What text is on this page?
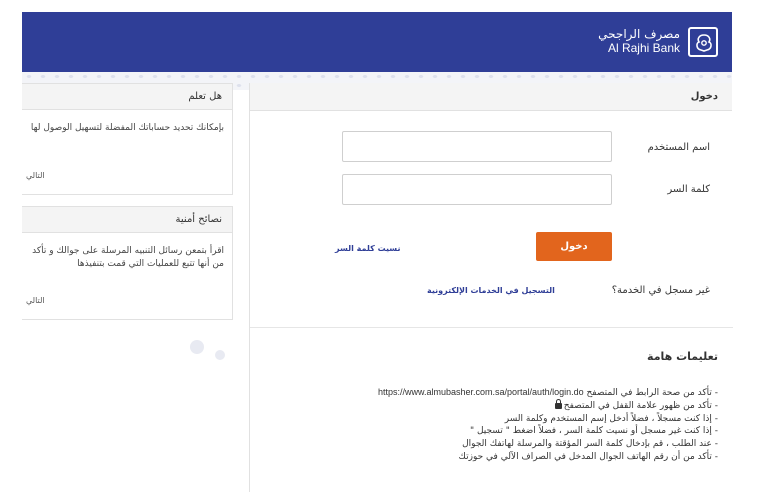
مصرف الراجحي
Al Rajhi Bank
هل تعلم
بإمكانك تحديد حساباتك المفضلة لتسهيل الوصول لها
التالي
نصائح أمنية
اقرأ بتمعن رسائل التنبيه المرسلة على جوالك و تأكد من أنها تتبع للعمليات التي قمت بتنفيذها
التالي
دخول
اسم المستخدم
كلمة السر
دخول
نسيت كلمة السر
غير مسجل في الخدمة؟
التسجيل في الخدمات الإلكترونية
تعليمات هامة
- تأكد من صحة الرابط في المتصفح https://www.almubasher.com.sa/portal/auth/login.do
- تأكد من ظهور علامة القفل في المتصفح
- إذا كنت مسجلاً ، فضلاً أدخل إسم المستخدم وكلمة السر
- إذا كنت غير مسجل أو نسيت كلمة السر ، فضلاً اضغط " تسجيل "
- عند الطلب ، قم بإدخال كلمة السر المؤقتة والمرسلة لهاتفك الجوال
- تأكد من أن رقم الهاتف الجوال المدخل في الصراف الآلي في حوزتك
